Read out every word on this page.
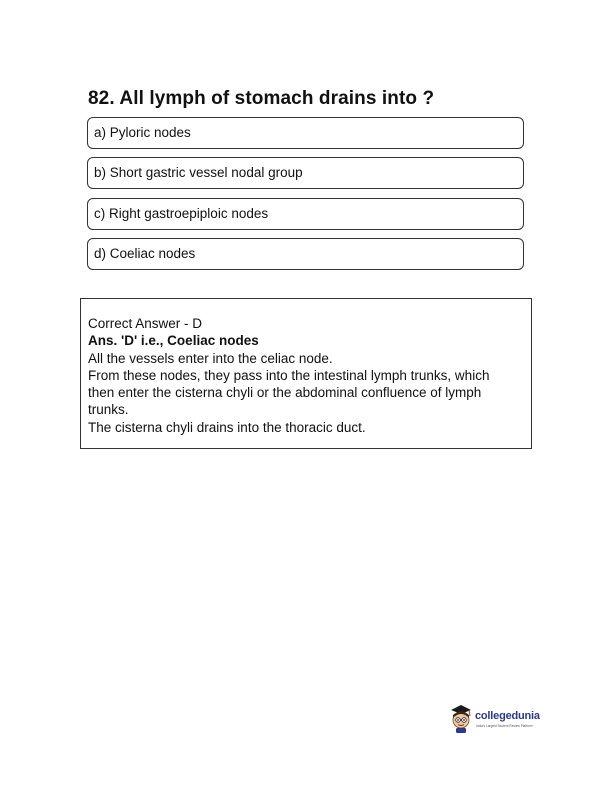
82. All lymph of stomach drains into ?
a) Pyloric nodes
b) Short gastric vessel nodal group
c) Right gastroepiploic nodes
d) Coeliac nodes
Correct Answer - D
Ans. 'D' i.e., Coeliac nodes
All the vessels enter into the celiac node.
From these nodes, they pass into the intestinal lymph trunks, which
then enter the cisterna chyli or the abdominal confluence of lymph
trunks.
The cisterna chyli drains into the thoracic duct.
collegedunia
India's Largest Student Review Platform
